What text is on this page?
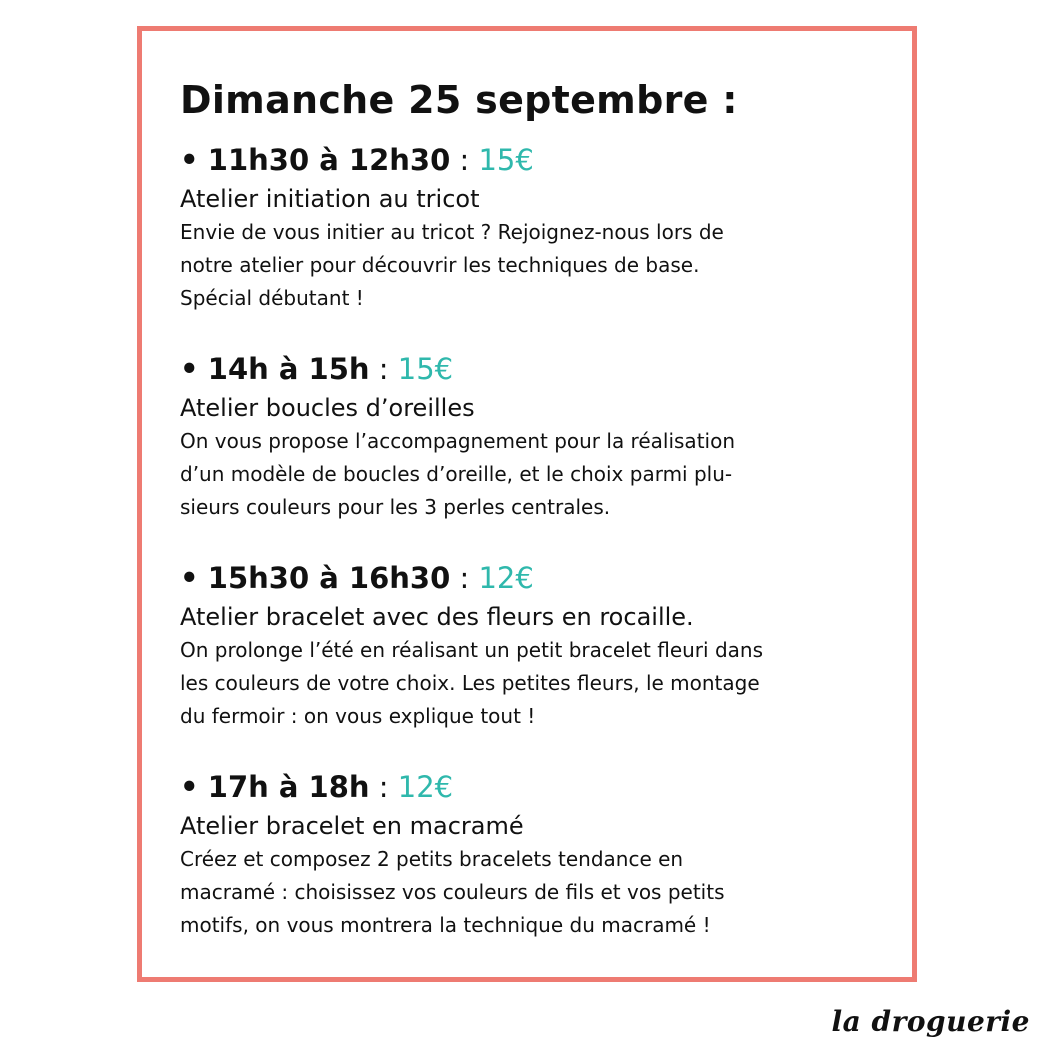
Dimanche 25 septembre :
• 11h30 à 12h30 : 15€
Atelier initiation au tricot
Envie de vous initier au tricot ? Rejoignez-nous lors de
notre atelier pour découvrir les techniques de base.
Spécial débutant !
• 14h à 15h : 15€
Atelier boucles d’oreilles
On vous propose l’accompagnement pour la réalisation
d’un modèle de boucles d’oreille, et le choix parmi plu-
sieurs couleurs pour les 3 perles centrales.
• 15h30 à 16h30 : 12€
Atelier bracelet avec des fleurs en rocaille.
On prolonge l’été en réalisant un petit bracelet fleuri dans
les couleurs de votre choix. Les petites fleurs, le montage
du fermoir : on vous explique tout !
• 17h à 18h : 12€
Atelier bracelet en macramé
Créez et composez 2 petits bracelets tendance en
macramé : choisissez vos couleurs de fils et vos petits
motifs, on vous montrera la technique du macramé !
la droguerie
